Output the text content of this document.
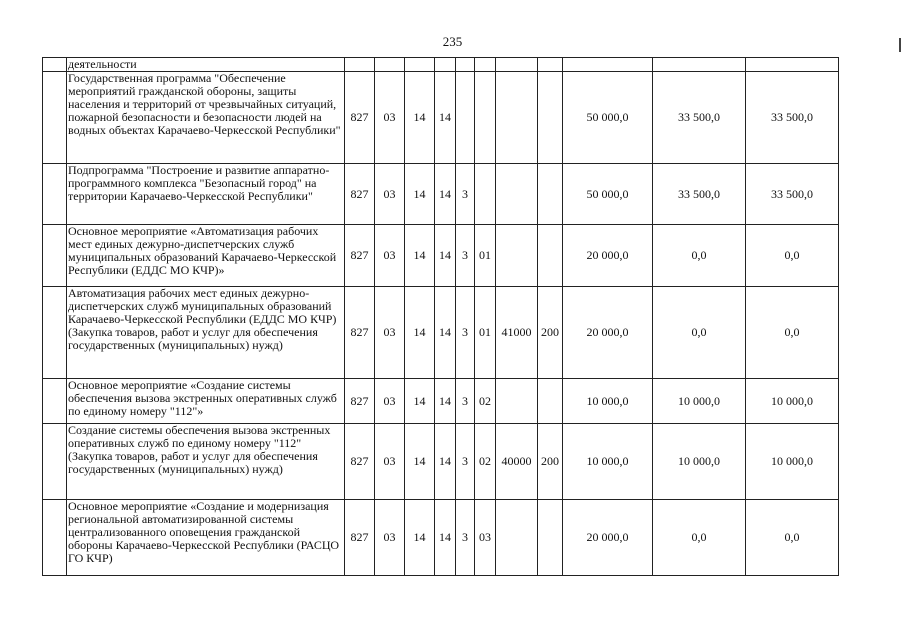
235
	деятельности											
	Государственная программа "Обеспечение мероприятий гражданской обороны, защиты населения и территорий от чрезвычайных ситуаций, пожарной безопасности и безопасности людей на водных объектах Карачаево-Черкесской Республики"	827	03	14	14					50 000,0	33 500,0	33 500,0
	Подпрограмма "Построение и развитие аппаратно-программного комплекса "Безопасный город" на территории Карачаево-Черкесской Республики"	827	03	14	14	3				50 000,0	33 500,0	33 500,0
	Основное мероприятие «Автоматизация рабочих мест единых дежурно-диспетчерских служб муниципальных образований Карачаево-Черкесской Республики (ЕДДС МО КЧР)»	827	03	14	14	3	01			20 000,0	0,0	0,0
	Автоматизация рабочих мест единых дежурно-диспетчерских служб муниципальных образований Карачаево-Черкесской Республики (ЕДДС МО КЧР) (Закупка товаров, работ и услуг для обеспечения государственных (муниципальных) нужд)	827	03	14	14	3	01	41000	200	20 000,0	0,0	0,0
	Основное мероприятие «Создание системы обеспечения вызова экстренных оперативных служб по единому номеру "112"»	827	03	14	14	3	02			10 000,0	10 000,0	10 000,0
	Создание системы обеспечения вызова экстренных оперативных служб по единому номеру "112" (Закупка товаров, работ и услуг для обеспечения государственных (муниципальных) нужд)	827	03	14	14	3	02	40000	200	10 000,0	10 000,0	10 000,0
	Основное мероприятие «Создание и модернизация региональной автоматизированной системы централизованного оповещения гражданской обороны Карачаево-Черкесской Республики (РАСЦО ГО КЧР)	827	03	14	14	3	03			20 000,0	0,0	0,0
